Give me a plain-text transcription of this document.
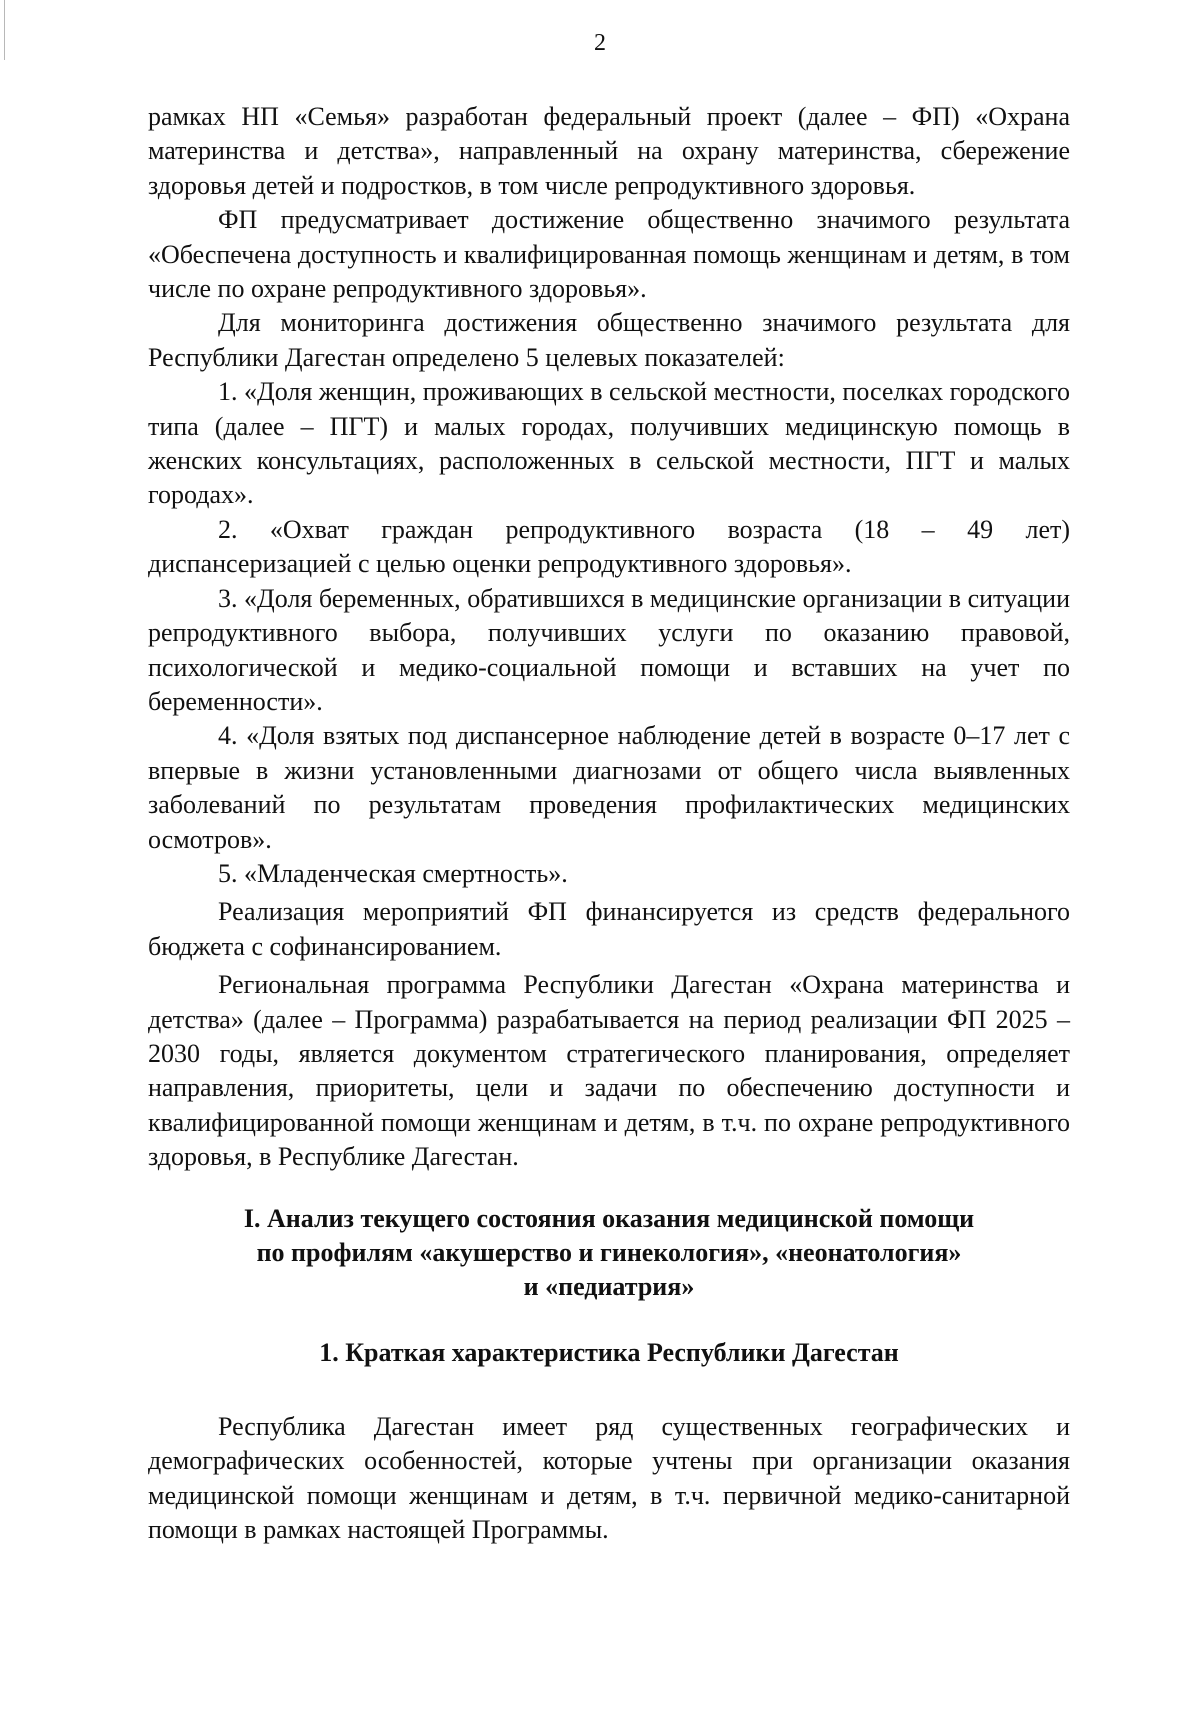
2

рамках НП «Семья» разработан федеральный проект (далее – ФП) «Охрана материнства и детства», направленный на охрану материнства, сбережение здоровья детей и подростков, в том числе репродуктивного здоровья.

ФП предусматривает достижение общественно значимого результата «Обеспечена доступность и квалифицированная помощь женщинам и детям, в том числе по охране репродуктивного здоровья».

Для мониторинга достижения общественно значимого результата для Республики Дагестан определено 5 целевых показателей:

1. «Доля женщин, проживающих в сельской местности, поселках городского типа (далее – ПГТ) и малых городах, получивших медицинскую помощь в женских консультациях, расположенных в сельской местности, ПГТ и малых городах».

2. «Охват граждан репродуктивного возраста (18 – 49 лет) диспансеризацией с целью оценки репродуктивного здоровья».

3. «Доля беременных, обратившихся в медицинские организации в ситуации репродуктивного выбора, получивших услуги по оказанию правовой, психологической и медико-социальной помощи и вставших на учет по беременности».

4. «Доля взятых под диспансерное наблюдение детей в возрасте 0–17 лет с впервые в жизни установленными диагнозами от общего числа выявленных заболеваний по результатам проведения профилактических медицинских осмотров».

5. «Младенческая смертность».

Реализация мероприятий ФП финансируется из средств федерального бюджета с софинансированием.

Региональная программа Республики Дагестан «Охрана материнства и детства» (далее – Программа) разрабатывается на период реализации ФП 2025 – 2030 годы, является документом стратегического планирования, определяет направления, приоритеты, цели и задачи по обеспечению доступности и квалифицированной помощи женщинам и детям, в т.ч. по охране репродуктивного здоровья, в Республике Дагестан.

I. Анализ текущего состояния оказания медицинской помощи
по профилям «акушерство и гинекология», «неонатология»
и «педиатрия»
1. Краткая характеристика Республики Дагестан

Республика Дагестан имеет ряд существенных географических и демографических особенностей, которые учтены при организации оказания медицинской помощи женщинам и детям, в т.ч. первичной медико-санитарной помощи в рамках настоящей Программы.
